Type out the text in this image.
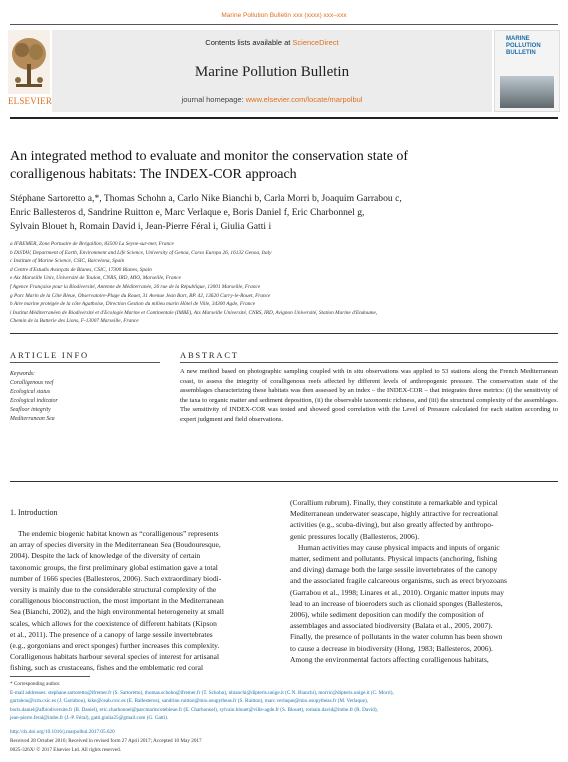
Marine Pollution Bulletin xxx (xxxx) xxx–xxx
Contents lists available at ScienceDirect
Marine Pollution Bulletin
journal homepage: www.elsevier.com/locate/marpolbul
ELSEVIER
MARINE POLLUTION BULLETIN
An integrated method to evaluate and monitor the conservation state of
coralligenous habitats: The INDEX-COR approach
Stéphane Sartoretto a,*, Thomas Schohn a, Carlo Nike Bianchi b, Carla Morri b, Joaquim Garrabou c,
Enric Ballesteros d, Sandrine Ruitton e, Marc Verlaque e, Boris Daniel f, Eric Charbonnel g,
Sylvain Blouet h, Romain David i, Jean-Pierre Féral i, Giulia Gatti i
a IFREMER, Zone Portuaire de Brégaillon, 83500 La Seyne-sur-mer, France
b DiSTAV, Department of Earth, Environment and Life Science, University of Genoa, Corso Europa 26, 16132 Genoa, Italy
c Institute of Marine Science, CSIC, Barcelona, Spain
d Centre d'Estudis Avançats de Blanes, CSIC, 17300 Blanes, Spain
e Aix Marseille Univ, Université de Toulon, CNRS, IRD, MIO, Marseille, France
f Agence Française pour la Biodiversité, Antenne de Méditerranée, 26 rue de la République, 13001 Marseille, France
g Parc Marin de la Côte Bleue, Observatoire-Plage du Rouet, 31 Avenue Jean Bart, BP. 42, 13620 Carry-le-Rouet, France
h Aire marine protégée de la côte Agathoise, Direction Gestion du milieu marin Hôtel de Ville, 34300 Agde, France
i Institut Méditerranéen de Biodiversité et d'Ecologie Marine et Continentale (IMBE), Aix Marseille Université, CNRS, IRD, Avignon Université, Station Marine d'Endoume,
Chemin de la Batterie des Lions, F-13007 Marseille, France
ARTICLE INFO
Keywords:
Coralligenous reef
Ecological status
Ecological indicator
Seafloor integrity
Mediterranean Sea
ABSTRACT
A new method based on photographic sampling coupled with in situ observations was applied to 53 stations along the French Mediterranean coast, to assess the integrity of coralligenous reefs affected by different levels of anthropogenic pressure. The conservation state of the assemblages characterizing these habitats was then assessed by an index – the INDEX-COR – that integrates three metrics: (i) the sensitivity of the taxa to organic matter and sediment deposition, (ii) the observable taxonomic richness, and (iii) the structural complexity of the assemblages. The sensitivity of INDEX-COR was tested and showed good correlation with the Level of Pressure calculated for each station according to expert judgment and field observations.
1. Introduction
The endemic biogenic habitat known as “coralligenous” represents
an array of species diversity in the Mediterranean Sea (Boudouresque,
2004). Despite the lack of knowledge of the diversity of certain
taxonomic groups, the first preliminary global estimation gave a total
number of 1666 species (Ballesteros, 2006). Such extraordinary biodi-
versity is mainly due to the considerable structural complexity of the
coralligenous bioconstruction, the most important in the Mediterranean
Sea (Bianchi, 2002), and the high environmental heterogeneity at small
scales, which allows for the coexistence of different habitats (Kipson
et al., 2011). The presence of a canopy of large sessile invertebrates
(e.g., gorgonians and erect sponges) further increases this complexity.
Coralligenous habitats harbour several species of interest for artisanal
fishing, such as crustaceans, fishes and the emblematic red coral
(Corallium rubrum). Finally, they constitute a remarkable and typical
Mediterranean underwater seascape, highly attractive for recreational
activities (e.g., scuba-diving), but also greatly affected by anthropo-
genic pressures locally (Ballesteros, 2006).
Human activities may cause physical impacts and inputs of organic
matter, sediment and pollutants. Physical impacts (anchoring, fishing
and diving) damage both the large sessile invertebrates of the canopy
and the associated fragile calcareous organisms, such as erect bryozoans
(Garrabou et al., 1998; Linares et al., 2010). Organic matter inputs may
lead to an increase of bioeroders such as clionaid sponges (Ballesteros,
2006), while sediment deposition can modify the composition of
assemblages and associated biodiversity (Balata et al., 2005, 2007).
Finally, the presence of pollutants in the water column has been shown
to cause a decrease in biodiversity (Hong, 1983; Ballesteros, 2006).
Among the environmental factors affecting coralligenous habitats,
* Corresponding author.
E-mail addresses: stephane.sartoretto@ifremer.fr (S. Sartoretto), thomas.schohn@ifremer.fr (T. Schohn), nbianchi@dipteris.unige.it (C.N. Bianchi), morric@dipteris.unige.it (C. Morri),
garrabou@icm.csic.es (J. Garrabou), kike@ceab.csic.es (E. Ballesteros), sandrine.ruitton@mio.osupytheas.fr (S. Ruitton), marc.verlaque@mio.osupytheas.fr (M. Verlaque),
boris.daniel@afbiodiversite.fr (B. Daniel), eric.charbonnel@parcmarincotebleue.fr (E. Charbonnel), sylvain.blouet@ville-agde.fr (S. Blouet), romain.david@imbe.fr (R. David),
jean-pierre.feral@imbe.fr (J.-P. Féral), gatti.giulia25@gmail.com (G. Gatti).
http://dx.doi.org/10.1016/j.marpolbul.2017.05.020
Received 28 October 2016; Received in revised form 27 April 2017; Accepted 10 May 2017
0025-326X/ © 2017 Elsevier Ltd. All rights reserved.
